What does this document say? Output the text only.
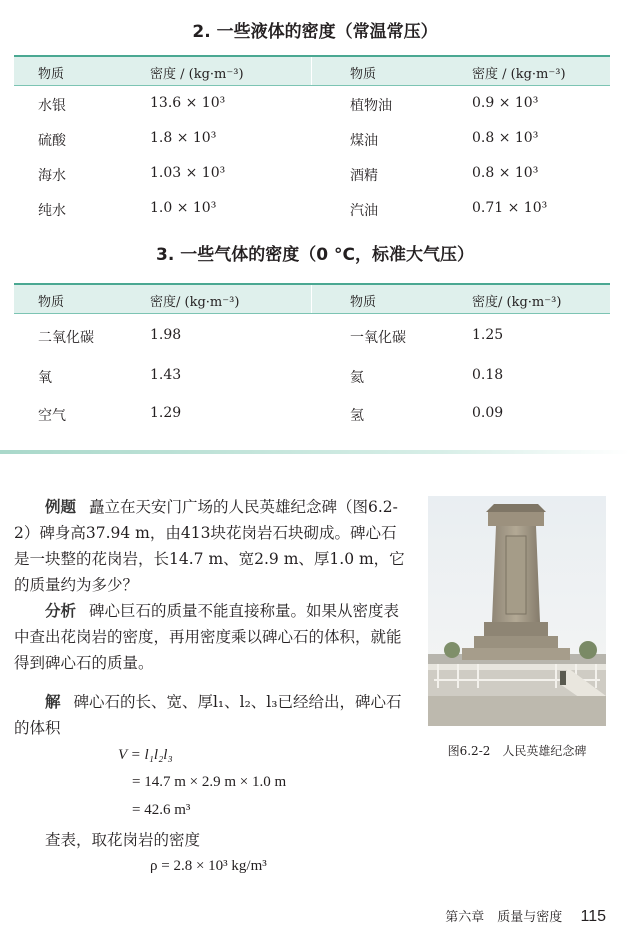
2. 一些液体的密度（常温常压）
物质	密度 / (kg·m⁻³)	物质	密度 / (kg·m⁻³)
水银	13.6 × 10³	植物油	0.9 × 10³
硫酸	1.8 × 10³	煤油	0.8 × 10³
海水	1.03 × 10³	酒精	0.8 × 10³
纯水	1.0 × 10³	汽油	0.71 × 10³
3. 一些气体的密度（0 °C，标准大气压）
物质	密度/ (kg·m⁻³)	物质	密度/ (kg·m⁻³)
二氧化碳	1.98	一氧化碳	1.25
氧	1.43	氦	0.18
空气	1.29	氢	0.09
例题 矗立在天安门广场的人民英雄纪念碑（图6.2-2）碑身高37.94 m，由413块花岗岩石块砌成。碑心石是一块整的花岗岩，长14.7 m、宽2.9 m、厚1.0 m，它的质量约为多少？
分析 碑心巨石的质量不能直接称量。如果从密度表中查出花岗岩的密度，再用密度乘以碑心石的体积，就能得到碑心石的质量。
解 碑心石的长、宽、厚l₁、l₂、l₃已经给出，碑心石的体积
V = l₁l₂l₃
= 14.7 m × 2.9 m × 1.0 m
= 42.6 m³
查表，取花岗岩的密度
ρ = 2.8 × 10³ kg/m³
图6.2-2　人民英雄纪念碑
第六章　质量与密度 115
